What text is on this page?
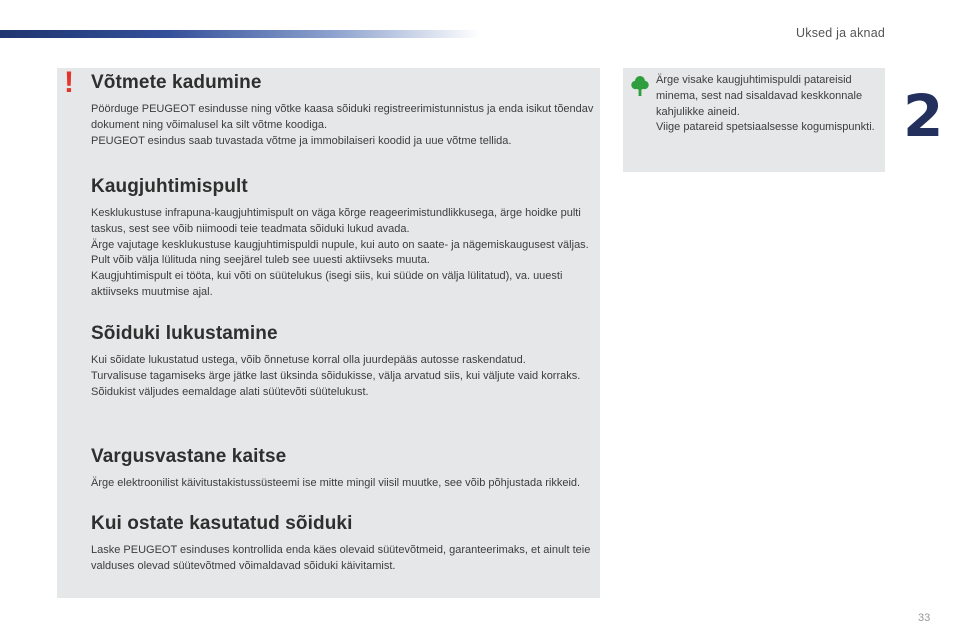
Uksed ja aknad
2
! Võtmete kadumine

Pöörduge PEUGEOT esindusse ning võtke kaasa sõiduki registreerimistunnistus ja enda isikut tõendav dokument ning võimalusel ka silt võtme koodiga.
PEUGEOT esindus saab tuvastada võtme ja immobilaiseri koodid ja uue võtme tellida.

Kaugjuhtimispult

Kesklukustuse infrapuna-kaugjuhtimispult on väga kõrge reageerimistundlikkusega, ärge hoidke pulti taskus, sest see võib niimoodi teie teadmata sõiduki lukud avada.
Ärge vajutage kesklukustuse kaugjuhtimispuldi nupule, kui auto on saate- ja nägemiskaugusest väljas. Pult võib välja lülituda ning seejärel tuleb see uuesti aktiivseks muuta.
Kaugjuhtimispult ei tööta, kui võti on süütelukus (isegi siis, kui süüde on välja lülitatud), va. uuesti aktiivseks muutmise ajal.

Sõiduki lukustamine

Kui sõidate lukustatud ustega, võib õnnetuse korral olla juurdepääs autosse raskendatud.
Turvalisuse tagamiseks ärge jätke last üksinda sõidukisse, välja arvatud siis, kui väljute vaid korraks.
Sõidukist väljudes eemaldage alati süütevõti süütelukust.

Vargusvastane kaitse

Ärge elektroonilist käivitustakistussüsteemi ise mitte mingil viisil muutke, see võib põhjustada rikkeid.

Kui ostate kasutatud sõiduki

Laske PEUGEOT esinduses kontrollida enda käes olevaid süütevõtmeid, garanteerimaks, et ainult teie valduses olevad süütevõtmed võimaldavad sõiduki käivitamist.

Ärge visake kaugjuhtimispuldi patareisid minema, sest nad sisaldavad keskkonnale kahjulikke aineid.

Viige patareid spetsiaalsesse kogumispunkti.

33
